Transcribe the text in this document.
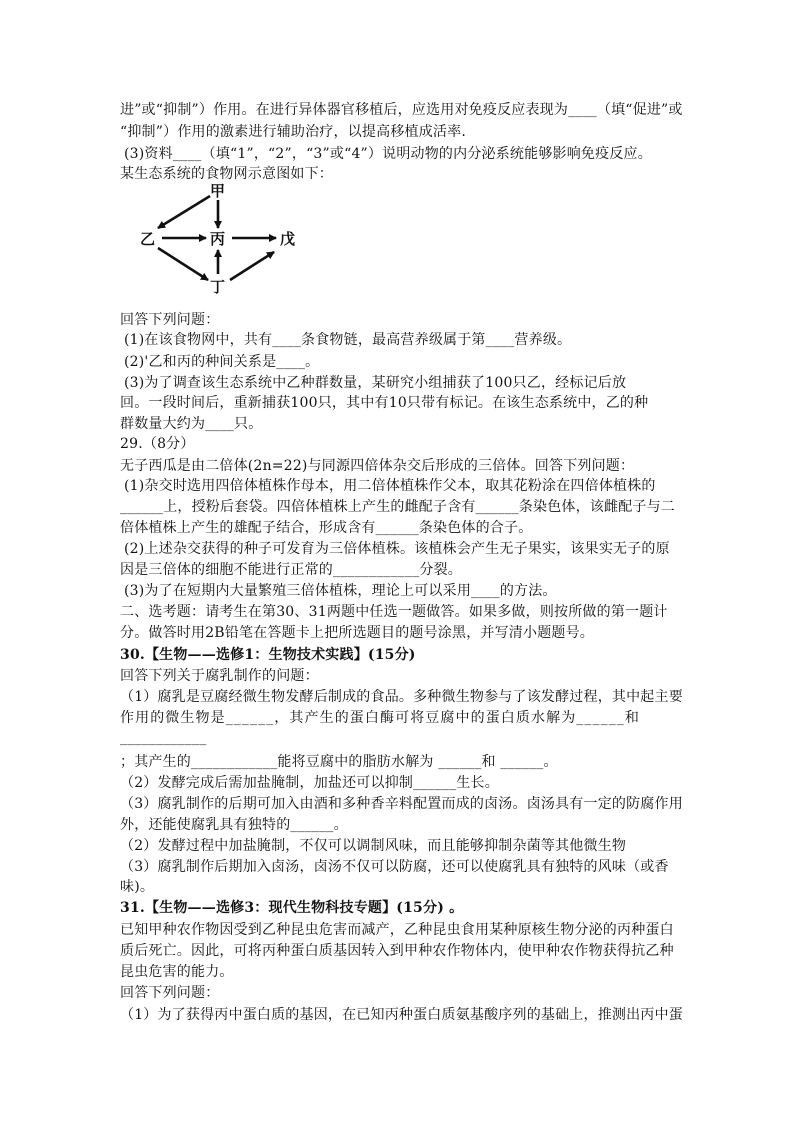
进”或“抑制”）作用。在进行异体器官移植后，应选用对免疫反应表现为____（填“促进”或
“抑制”）作用的激素进行辅助治疗，以提高移植成活率.
(3)资料____（填“1”，“2”，“3”或“4”）说明动物的内分泌系统能够影响免疫反应。
某生态系统的食物网示意图如下：
甲
乙	丙	戊
丁
回答下列问题：
(1)在该食物网中，共有____条食物链，最高营养级属于第____营养级。
(2)'乙和丙的种间关系是____。
(3)为了调查该生态系统中乙种群数量，某研究小组捕获了100只乙，经标记后放
回。一段时间后，重新捕获100只，其中有10只带有标记。在该生态系统中，乙的种
群数量大约为____只。
29.（8分）
无子西瓜是由二倍体(2n=22)与同源四倍体杂交后形成的三倍体。回答下列问题：
(1)杂交时选用四倍体植株作母本，用二倍体植株作父本，取其花粉涂在四倍体植株的
______上，授粉后套袋。四倍体植株上产生的雌配子含有______条染色体，该雌配子与二
倍体植株上产生的雄配子结合，形成含有______条染色体的合子。
(2)上述杂交获得的种子可发育为三倍体植株。该植株会产生无子果实，该果实无子的原
因是三倍体的细胞不能进行正常的____________分裂。
(3)为了在短期内大量繁殖三倍体植株，理论上可以采用____的方法。
二、选考题：请考生在第30、31两题中任选一题做答。如果多做，则按所做的第一题计
分。做答时用2B铅笔在答题卡上把所选题目的题号涂黑，并写清小题题号。
30.【生物——选修1：生物技术实践】(15分)
回答下列关于腐乳制作的问题：
（1）腐乳是豆腐经微生物发酵后制成的食品。多种微生物参与了该发酵过程，其中起主要
作用的微生物是______，其产生的蛋白酶可将豆腐中的蛋白质水解为______和
____________
；其产生的____________能将豆腐中的脂肪水解为 ______和 ______。
（2）发酵完成后需加盐腌制，加盐还可以抑制______生长。
（3）腐乳制作的后期可加入由酒和多种香辛料配置而成的卤汤。卤汤具有一定的防腐作用
外，还能使腐乳具有独特的______。
（2）发酵过程中加盐腌制，不仅可以调制风味，而且能够抑制杂菌等其他微生物
（3）腐乳制作后期加入卤汤，卤汤不仅可以防腐，还可以使腐乳具有独特的风味（或香
味)。
31.【生物——选修3：现代生物科技专题】(15分) 。
已知甲种农作物因受到乙种昆虫危害而减产，乙种昆虫食用某种原核生物分泌的丙种蛋白
质后死亡。因此，可将丙种蛋白质基因转入到甲种农作物体内，使甲种农作物获得抗乙种
昆虫危害的能力。
回答下列问题：
（1）为了获得丙中蛋白质的基因，在已知丙种蛋白质氨基酸序列的基础上，推测出丙中蛋
